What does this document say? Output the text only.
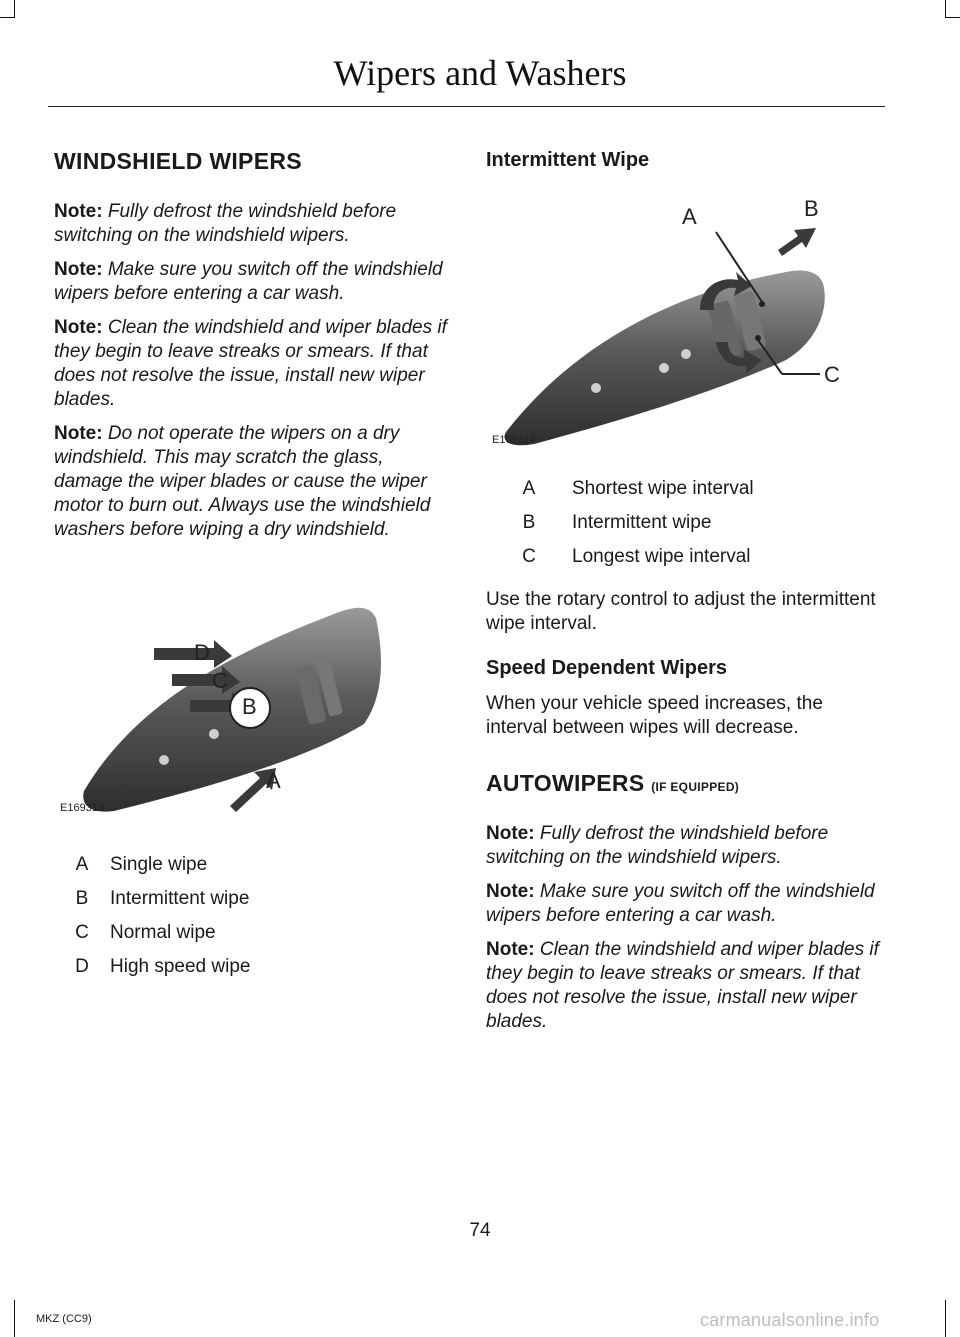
Wipers and Washers
WINDSHIELD WIPERS

Note: Fully defrost the windshield before switching on the windshield wipers.

Note: Make sure you switch off the windshield wipers before entering a car wash.

Note: Clean the windshield and wiper blades if they begin to leave streaks or smears. If that does not resolve the issue, install new wiper blades.

Note: Do not operate the wipers on a dry windshield. This may scratch the glass, damage the wiper blades or cause the wiper motor to burn out. Always use the windshield washers before wiping a dry windshield.

D
C
B
A
E169313
A	Single wipe
B	Intermittent wipe
C	Normal wipe
D	High speed wipe
Intermittent Wipe
A	B
C
E169314
A	Shortest wipe interval
B	Intermittent wipe
C	Longest wipe interval

Use the rotary control to adjust the intermittent wipe interval.

Speed Dependent Wipers

When your vehicle speed increases, the interval between wipes will decrease.

AUTOWIPERS (IF EQUIPPED)

Note: Fully defrost the windshield before switching on the windshield wipers.

Note: Make sure you switch off the windshield wipers before entering a car wash.

Note: Clean the windshield and wiper blades if they begin to leave streaks or smears. If that does not resolve the issue, install new wiper blades.

74
MKZ (CC9)	carmanualsonline.info
